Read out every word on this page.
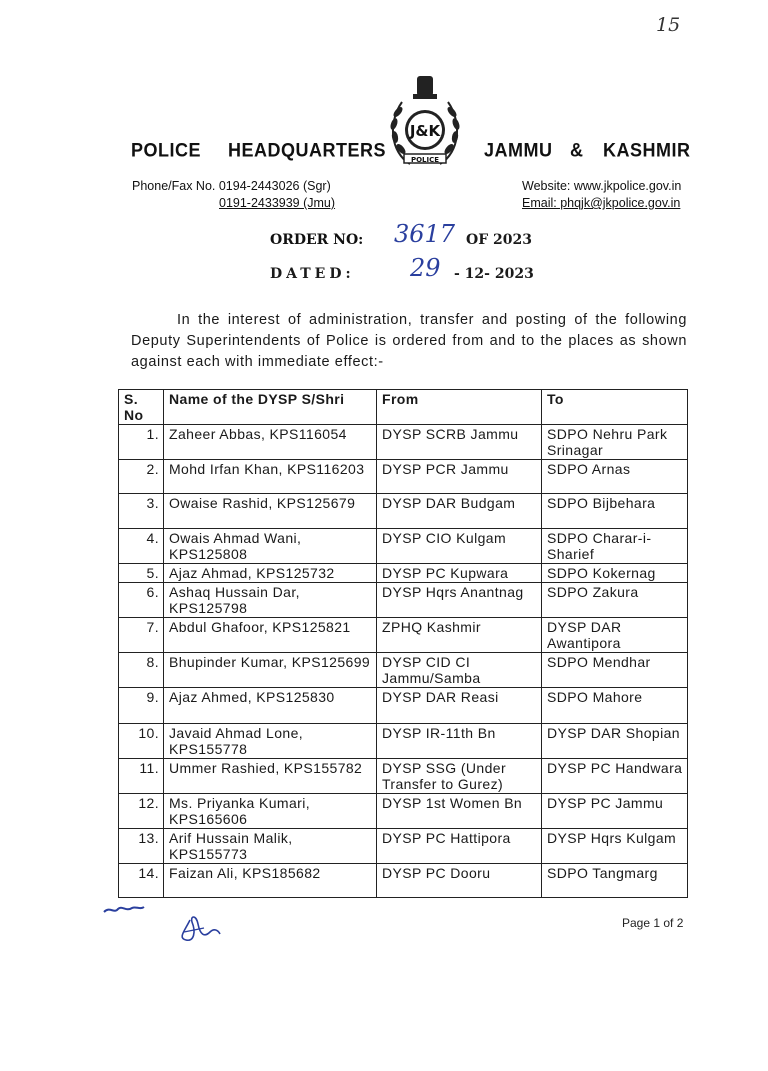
15
J&K
POLICE
POLICE HEADQUARTERS	JAMMU & KASHMIR
Phone/Fax No. 0194-2443026 (Sgr)
0191-2433939 (Jmu)
Website: www.jkpolice.gov.in
Email: phqjk@jkpolice.gov.in
ORDER NO: 3617 OF 2023
DATED: 29 - 12- 2023
In the interest of administration, transfer and posting of the following Deputy Superintendents of Police is ordered from and to the places as shown against each with immediate effect:-
S. No	Name of the DYSP S/Shri	From	To
1.	Zaheer Abbas, KPS116054	DYSP SCRB Jammu	SDPO Nehru Park Srinagar
2.	Mohd Irfan Khan, KPS116203	DYSP PCR Jammu	SDPO Arnas
3.	Owaise Rashid, KPS125679	DYSP DAR Budgam	SDPO Bijbehara
4.	Owais Ahmad Wani, KPS125808	DYSP CIO Kulgam	SDPO Charar-i-Sharief
5.	Ajaz Ahmad, KPS125732	DYSP PC Kupwara	SDPO Kokernag
6.	Ashaq Hussain Dar, KPS125798	DYSP Hqrs Anantnag	SDPO Zakura
7.	Abdul Ghafoor, KPS125821	ZPHQ Kashmir	DYSP DAR Awantipora
8.	Bhupinder Kumar, KPS125699	DYSP CID CI Jammu/Samba	SDPO Mendhar
9.	Ajaz Ahmed, KPS125830	DYSP DAR Reasi	SDPO Mahore
10.	Javaid Ahmad Lone, KPS155778	DYSP IR-11th Bn	DYSP DAR Shopian
11.	Ummer Rashied, KPS155782	DYSP SSG (Under Transfer to Gurez)	DYSP PC Handwara
12.	Ms. Priyanka Kumari, KPS165606	DYSP 1st Women Bn	DYSP PC Jammu
13.	Arif Hussain Malik, KPS155773	DYSP PC Hattipora	DYSP Hqrs Kulgam
14.	Faizan Ali, KPS185682	DYSP PC Dooru	SDPO Tangmarg
Page 1 of 2
